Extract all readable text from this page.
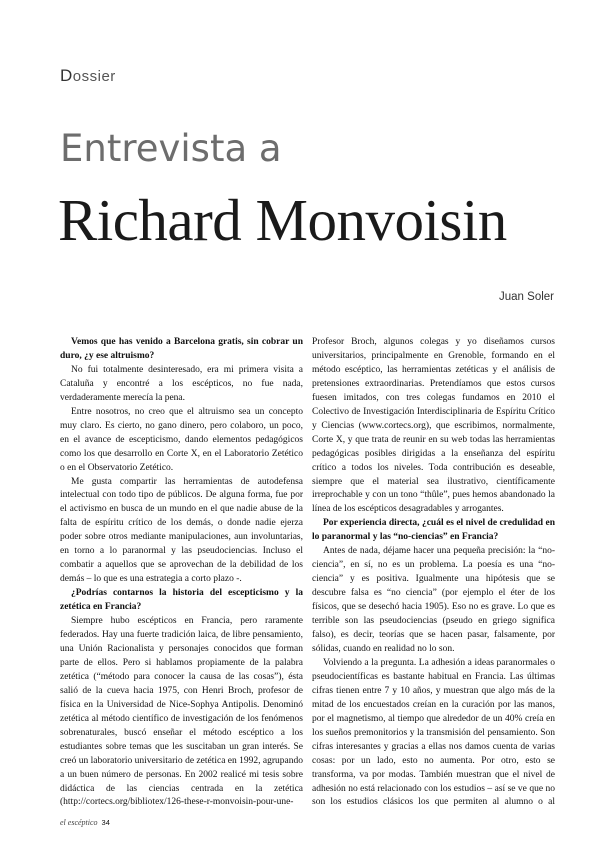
Dossier
Entrevista a
Richard Monvoisin
Juan Soler

Vemos que has venido a Barcelona gratis, sin cobrar un duro, ¿y ese altruismo?

No fui totalmente desinteresado, era mi primera visita a Cataluña y encontré a los escépticos, no fue nada, verdaderamente merecía la pena.

Entre nosotros, no creo que el altruismo sea un concepto muy claro. Es cierto, no gano dinero, pero colaboro, un poco, en el avance de escepticismo, dando elementos pedagógicos como los que desarrollo en Corte X, en el Laboratorio Zetético o en el Observatorio Zetético.

Me gusta compartir las herramientas de autodefensa intelectual con todo tipo de públicos. De alguna forma, fue por el activismo en busca de un mundo en el que nadie abuse de la falta de espíritu crítico de los demás, o donde nadie ejerza poder sobre otros mediante manipulaciones, aun involuntarias, en torno a lo paranormal y las pseudociencias. Incluso el combatir a aquellos que se aprovechan de la debilidad de los demás – lo que es una estrategia a corto plazo -.

¿Podrías contarnos la historia del escepticismo y la zetética en Francia?

Siempre hubo escépticos en Francia, pero raramente federados. Hay una fuerte tradición laica, de libre pensamiento, una Unión Racionalista y personajes conocidos que forman parte de ellos. Pero si hablamos propiamente de la palabra zetética (“método para conocer la causa de las cosas”), ésta salió de la cueva hacia 1975, con Henri Broch, profesor de física en la Universidad de Nice-Sophya Antipolis. Denominó zetética al método científico de investigación de los fenómenos sobrenaturales, buscó enseñar el método escéptico a los estudiantes sobre temas que les suscitaban un gran interés. Se creó un laboratorio universitario de zetética en 1992, agrupando a un buen número de personas. En 2002 realicé mi tesis sobre didáctica de las ciencias centrada en la zetética (http://cortecs.org/bibliotex/126-these-r-monvoisin-pour-une-

Profesor Broch, algunos colegas y yo diseñamos cursos universitarios, principalmente en Grenoble, formando en el método escéptico, las herramientas zetéticas y el análisis de pretensiones extraordinarias. Pretendíamos que estos cursos fuesen imitados, con tres colegas fundamos en 2010 el Colectivo de Investigación Interdisciplinaria de Espíritu Crítico y Ciencias (www.cortecs.org), que escribimos, normalmente, Corte X, y que trata de reunir en su web todas las herramientas pedagógicas posibles dirigidas a la enseñanza del espíritu crítico a todos los niveles. Toda contribución es deseable, siempre que el material sea ilustrativo, científicamente irreprochable y con un tono “thûle”, pues hemos abandonado la línea de los escépticos desagradables y arrogantes.

Por experiencia directa, ¿cuál es el nivel de credulidad en lo paranormal y las “no-ciencias” en Francia?

Antes de nada, déjame hacer una pequeña precisión: la “no-ciencia”, en sí, no es un problema. La poesía es una “no-ciencia” y es positiva. Igualmente una hipótesis que se descubre falsa es “no ciencia” (por ejemplo el éter de los físicos, que se desechó hacia 1905). Eso no es grave. Lo que es terrible son las pseudociencias (pseudo en griego significa falso), es decir, teorías que se hacen pasar, falsamente, por sólidas, cuando en realidad no lo son.

Volviendo a la pregunta. La adhesión a ideas paranormales o pseudocientíficas es bastante habitual en Francia. Las últimas cifras tienen entre 7 y 10 años, y muestran que algo más de la mitad de los encuestados creían en la curación por las manos, por el magnetismo, al tiempo que alrededor de un 40% creía en los sueños premonitorios y la transmisión del pensamiento. Son cifras interesantes y gracias a ellas nos damos cuenta de varias cosas: por un lado, esto no aumenta. Por otro, esto se transforma, va por modas. También muestran que el nivel de adhesión no está relacionado con los estudios – así se ve que no son los estudios clásicos los que permiten al alumno o al

el escéptico 34
